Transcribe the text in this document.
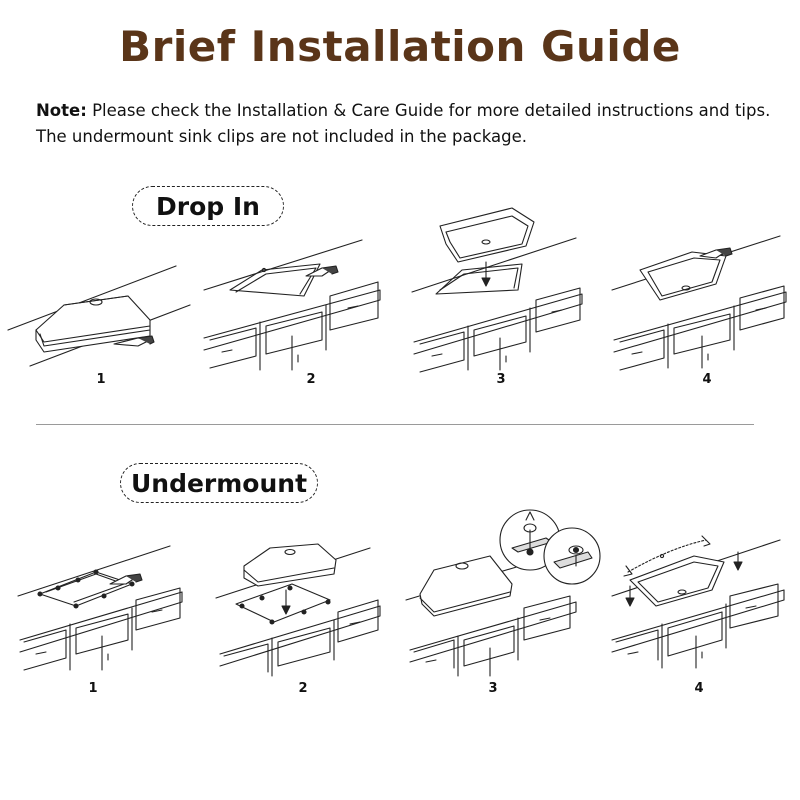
Brief Installation Guide
Note: Please check the Installation & Care Guide for more detailed instructions and tips.
The undermount sink clips are not included in the package.
Drop In
Undermount
1	2	3	4
1	2	3	4
